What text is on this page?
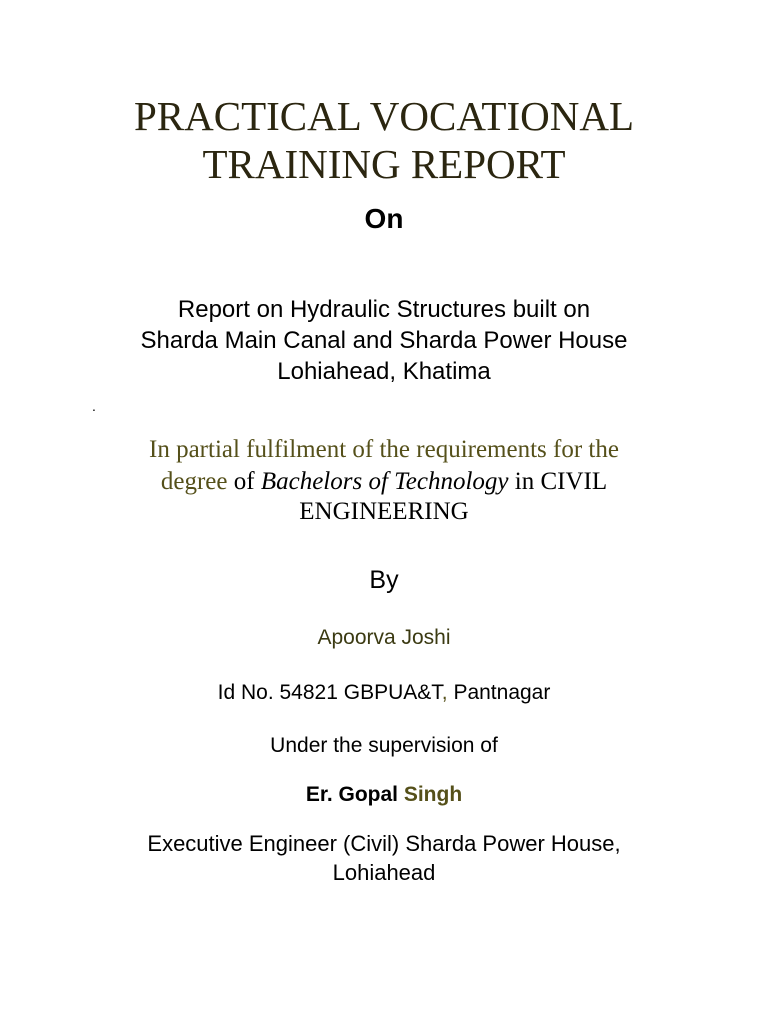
PRACTICAL VOCATIONAL
TRAINING REPORT
On
Report on Hydraulic Structures built on
Sharda Main Canal and Sharda Power House
Lohiahead, Khatima
.
In partial fulfilment of the requirements for the
degree of Bachelors of Technology in CIVIL
ENGINEERING
By
Apoorva Joshi
Id No. 54821 GBPUA&T, Pantnagar
Under the supervision of
Er. Gopal Singh
Executive Engineer (Civil) Sharda Power House,
Lohiahead
